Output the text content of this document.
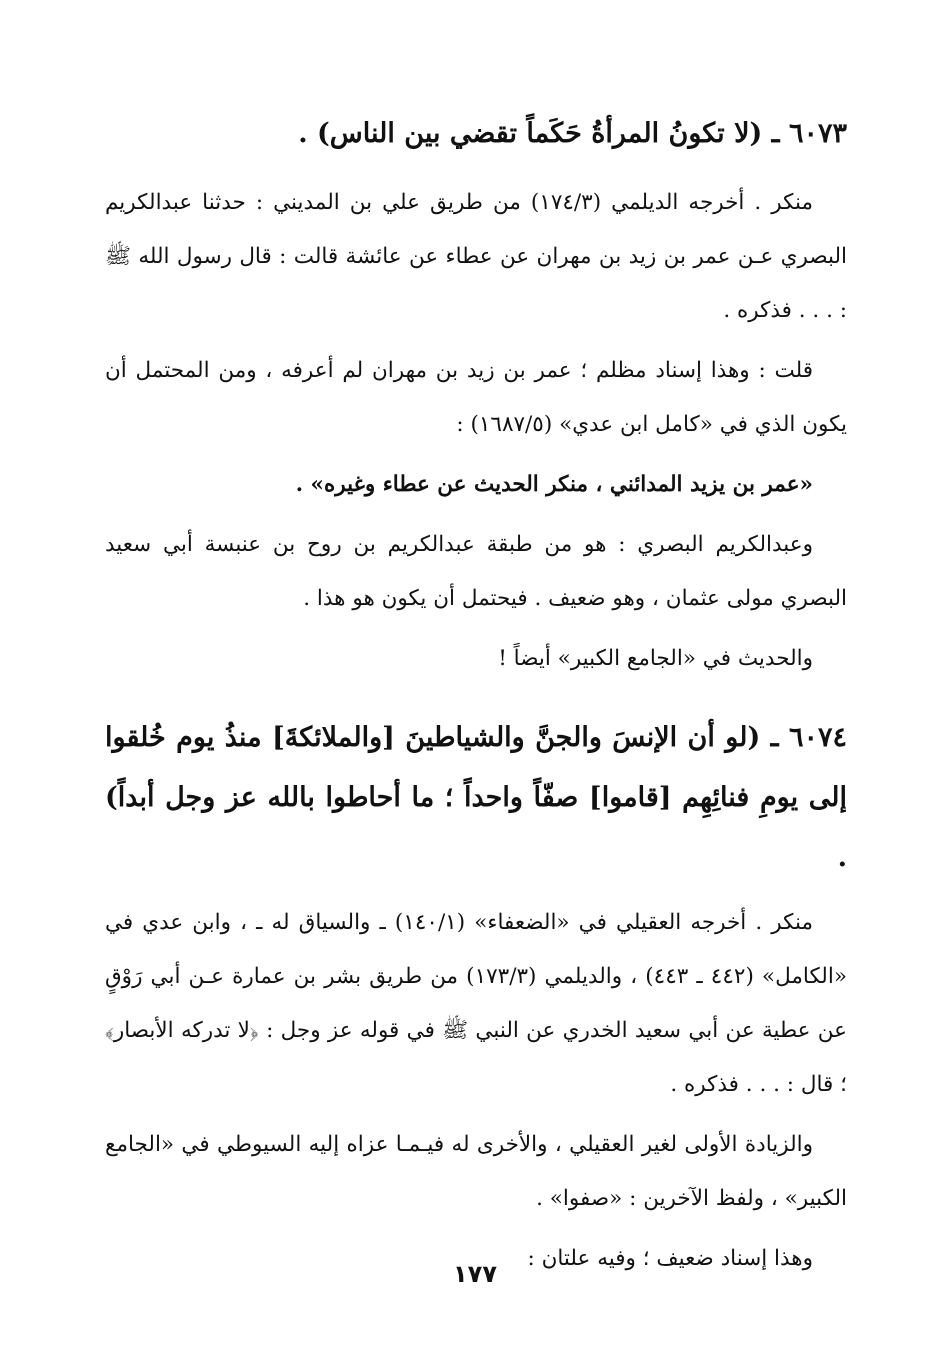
٦٠٧٣ ـ (لا تكونُ المرأةُ حَكَماً تقضي بين الناس) .

منكر . أخرجه الديلمي (١٧٤/٣) من طريق علي بن المديني : حدثنا عبدالكريم البصري عـن عمر بن زيد بن مهران عن عطاء عن عائشة قالت : قال رسول الله ﷺ : . . . فذكره .

قلت : وهذا إسناد مظلم ؛ عمر بن زيد بن مهران لم أعرفه ، ومن المحتمل أن يكون الذي في «كامل ابن عدي» (١٦٨٧/٥) :

«عمر بن يزيد المدائني ، منكر الحديث عن عطاء وغيره» .

وعبدالكريم البصري : هو من طبقة عبدالكريم بن روح بن عنبسة أبي سعيد البصري مولى عثمان ، وهو ضعيف . فيحتمل أن يكون هو هذا .

والحديث في «الجامع الكبير» أيضاً !

٦٠٧٤ ـ (لو أن الإنسَ والجنَّ والشياطينَ [والملائكةَ] منذُ يوم خُلقوا إلى يومِ فنائِهِم [قاموا] صفّاً واحداً ؛ ما أحاطوا بالله عز وجل أبداً) .

منكر . أخرجه العقيلي في «الضعفاء» (١٤٠/١) ـ والسياق له ـ ، وابن عدي في «الكامل» (٤٤٢ ـ ٤٤٣) ، والديلمي (١٧٣/٣) من طريق بشر بن عمارة عـن أبي رَوْقٍ عن عطية عن أبي سعيد الخدري عن النبي ﷺ في قوله عز وجل : ﴿لا تدركه الأبصار﴾ ؛ قال : . . . فذكره .

والزيادة الأولى لغير العقيلي ، والأخرى له فيـمـا عزاه إليه السيوطي في «الجامع الكبير» ، ولفظ الآخرين : «صفوا» .

وهذا إسناد ضعيف ؛ وفيه علتان :

١٧٧
